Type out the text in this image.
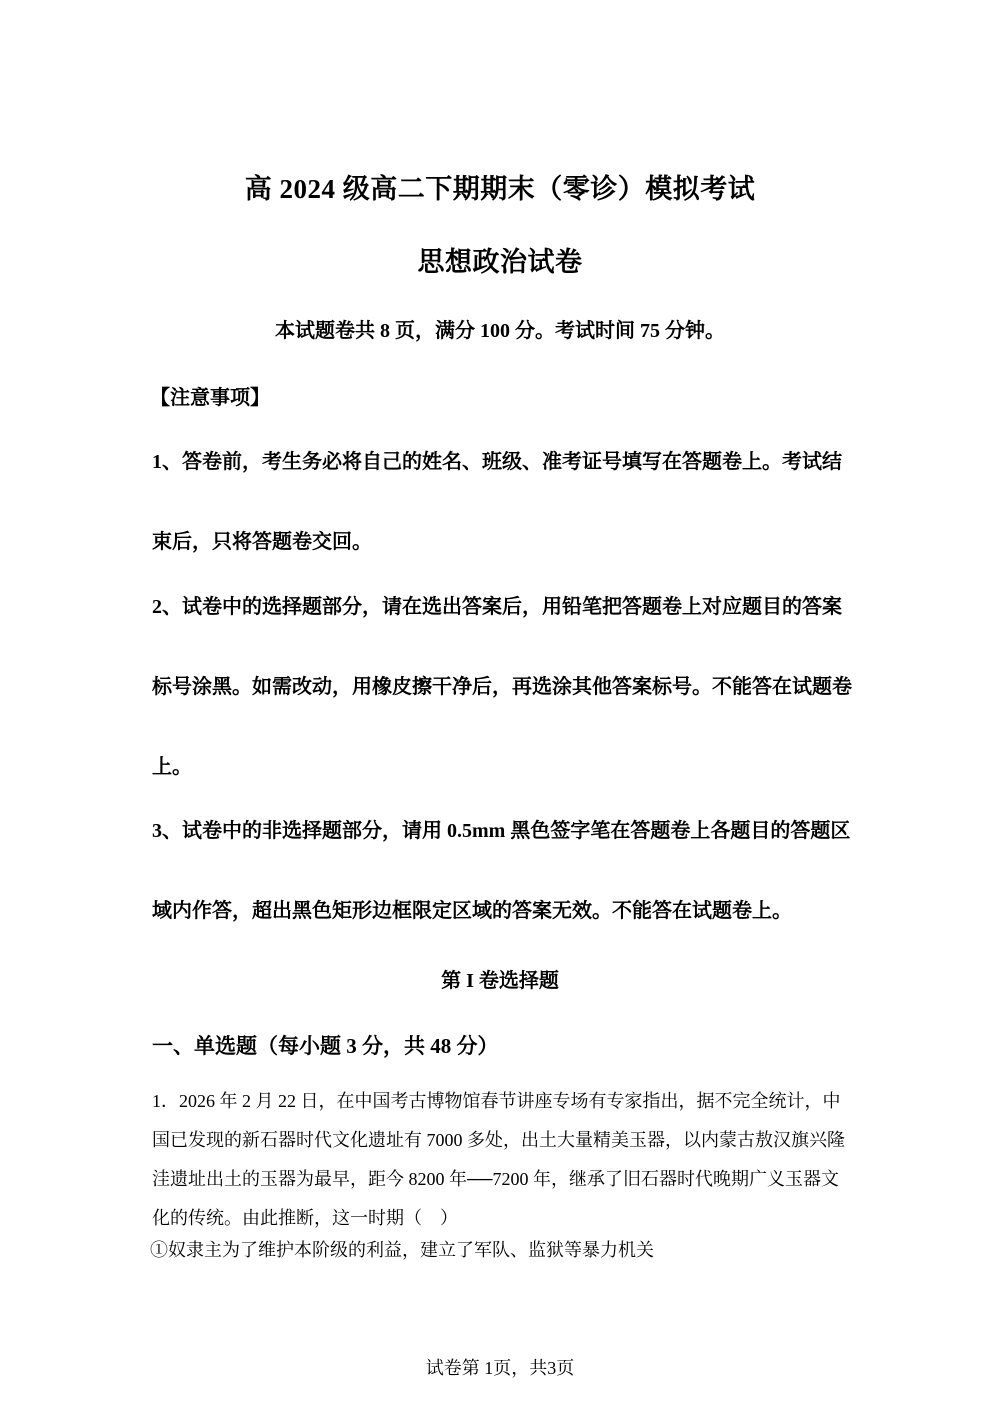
高 2024 级高二下期期末（零诊）模拟考试
思想政治试卷
本试题卷共 8 页，满分 100 分。考试时间 75 分钟。
【注意事项】
1、答卷前，考生务必将自己的姓名、班级、准考证号填写在答题卷上。考试结束后，只将答题卷交回。
2、试卷中的选择题部分，请在选出答案后，用铅笔把答题卷上对应题目的答案标号涂黑。如需改动，用橡皮擦干净后，再选涂其他答案标号。不能答在试题卷上。
3、试卷中的非选择题部分，请用 0.5mm 黑色签字笔在答题卷上各题目的答题区域内作答，超出黑色矩形边框限定区域的答案无效。不能答在试题卷上。
第 I 卷选择题
一、单选题（每小题 3 分，共 48 分）
1．2026 年 2 月 22 日，在中国考古博物馆春节讲座专场有专家指出，据不完全统计，中国已发现的新石器时代文化遗址有 7000 多处，出土大量精美玉器，以内蒙古敖汉旗兴隆洼遗址出土的玉器为最早，距今 8200 年──7200 年，继承了旧石器时代晚期广义玉器文化的传统。由此推断，这一时期（　）
①奴隶主为了维护本阶级的利益，建立了军队、监狱等暴力机关
试卷第 1页，共3页
